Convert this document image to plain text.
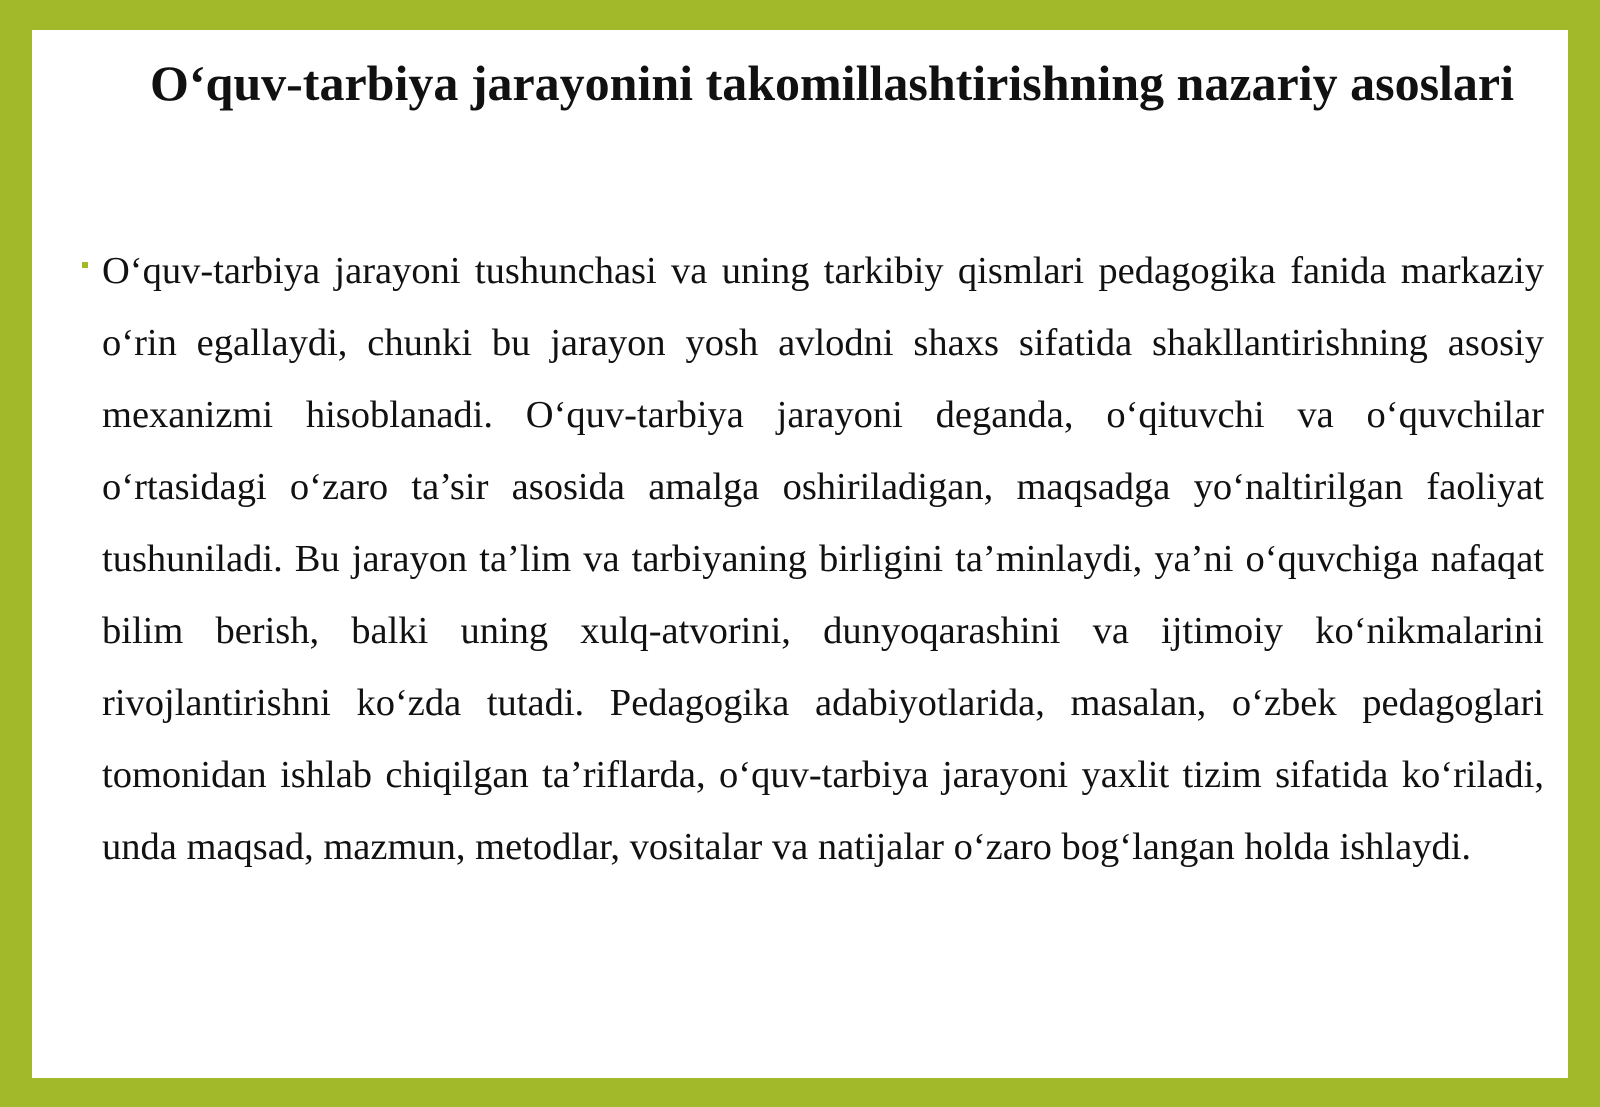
O‘quv-tarbiya jarayonini takomillashtirishning nazariy asoslari

O‘quv-tarbiya jarayoni tushunchasi va uning tarkibiy qismlari pedagogika fanida markaziy o‘rin egallaydi, chunki bu jarayon yosh avlodni shaxs sifatida shakllantirishning asosiy mexanizmi hisoblanadi. O‘quv-tarbiya jarayoni deganda, o‘qituvchi va o‘quvchilar o‘rtasidagi o‘zaro ta’sir asosida amalga oshiriladigan, maqsadga yo‘naltirilgan faoliyat tushuniladi. Bu jarayon ta’lim va tarbiyaning birligini ta’minlaydi, ya’ni o‘quvchiga nafaqat bilim berish, balki uning xulq-atvorini, dunyoqarashini va ijtimoiy ko‘nikmalarini rivojlantirishni ko‘zda tutadi. Pedagogika adabiyotlarida, masalan, o‘zbek pedagoglari tomonidan ishlab chiqilgan ta’riflarda, o‘quv-tarbiya jarayoni yaxlit tizim sifatida ko‘riladi, unda maqsad, mazmun, metodlar, vositalar va natijalar o‘zaro bog‘langan holda ishlaydi.
